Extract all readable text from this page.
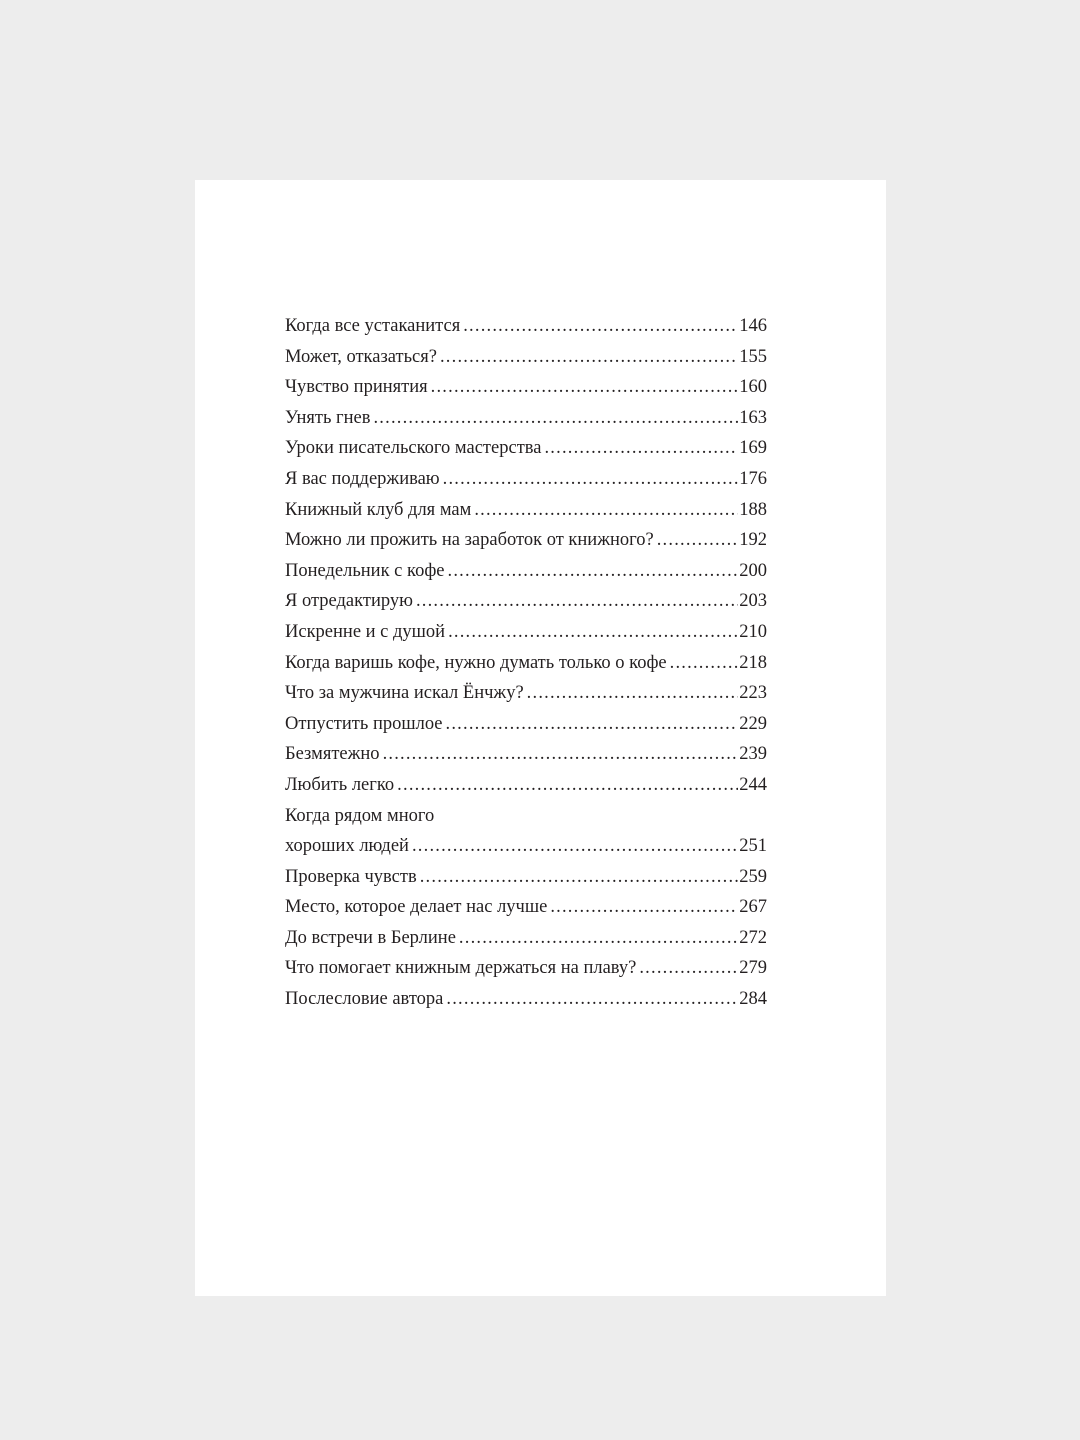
Когда все устаканится .....	146
Может, отказаться? .....	155
Чувство принятия .....	160
Унять гнев .....	163
Уроки писательского мастерства .....	169
Я вас поддерживаю .....	176
Книжный клуб для мам .....	188
Можно ли прожить на заработок от книжного? .....	192
Понедельник с кофе .....	200
Я отредактирую .....	203
Искренне и с душой .....	210
Когда варишь кофе, нужно думать только о кофе .....	218
Что за мужчина искал Ёнчжу? .....	223
Отпустить прошлое .....	229
Безмятежно .....	239
Любить легко .....	244
Когда рядом много
хороших людей .....	251
Проверка чувств .....	259
Место, которое делает нас лучше .....	267
До встречи в Берлине .....	272
Что помогает книжным держаться на плаву? .....	279
Послесловие автора .....	284
